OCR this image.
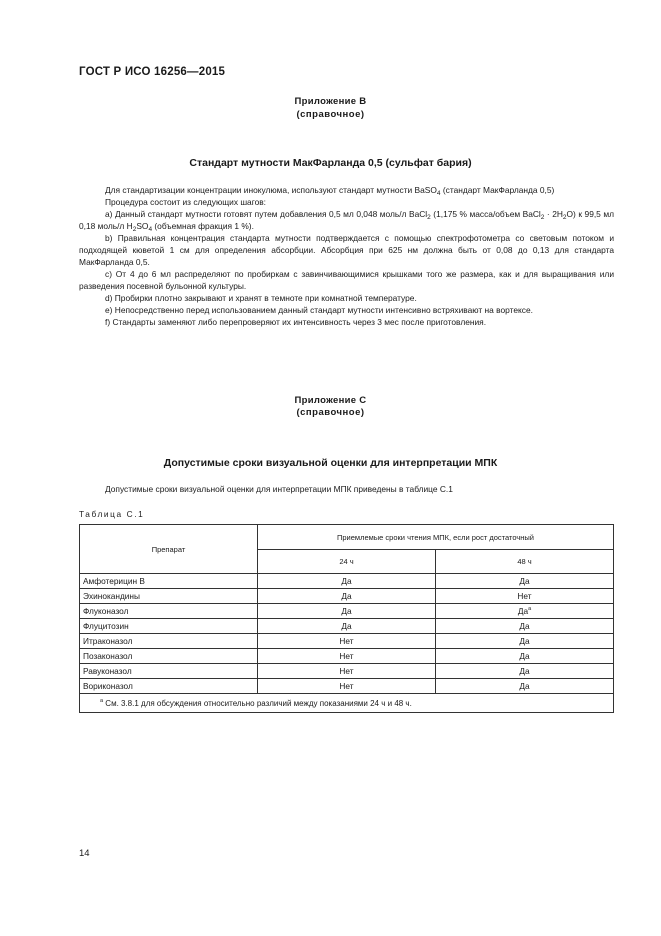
ГОСТ Р ИСО 16256—2015
Приложение В
(справочное)
Стандарт мутности МакФарланда 0,5 (сульфат бария)

Для стандартизации концентрации инокулюма, используют стандарт мутности BaSO$_4$ (стандарт МакФарланда 0,5)

Процедура состоит из следующих шагов:

а) Данный стандарт мутности готовят путем добавления 0,5 мл 0,048 моль/л BaCl$_2$ (1,175 % масса/объем BaCl$_2$ · $2H_2O$) к 99,5 мл 0,18 моль/л $H_2SO_4$ (объемная фракция 1 %).

b) Правильная концентрация стандарта мутности подтверждается с помощью спектрофотометра со световым потоком и подходящей кюветой 1 см для определения абсорбции. Абсорбция при 625 нм должна быть от 0,08 до 0,13 для стандарта МакФарланда 0,5.

с) От 4 до 6 мл распределяют по пробиркам с завинчивающимися крышками того же размера, как и для выращивания или разведения посевной бульонной культуры.

d) Пробирки плотно закрывают и хранят в темноте при комнатной температуре.

е) Непосредственно перед использованием данный стандарт мутности интенсивно встряхивают на вортексе.

f) Стандарты заменяют либо перепроверяют их интенсивность через 3 мес после приготовления.

Приложение С
(справочное)
Допустимые сроки визуальной оценки для интерпретации МПК

Допустимые сроки визуальной оценки для интерпретации МПК приведены в таблице С.1

Таблица С.1
Препарат	Приемлемые сроки чтения МПК, если рост достаточный	
	24 ч	48 ч
Амфотерицин В	Да	Да
Эхинокандины	Да	Нет
Флуконазол	Да	$Да^а$
Флуцитозин	Да	Да
Итраконазол	Нет	Да
Позаконазол	Нет	Да
Равуконазол	Нет	Да
Вориконазол	Нет	Да
$^а$ См. 3.8.1 для обсуждения относительно различий между показаниями 24 ч и 48 ч.		
14
